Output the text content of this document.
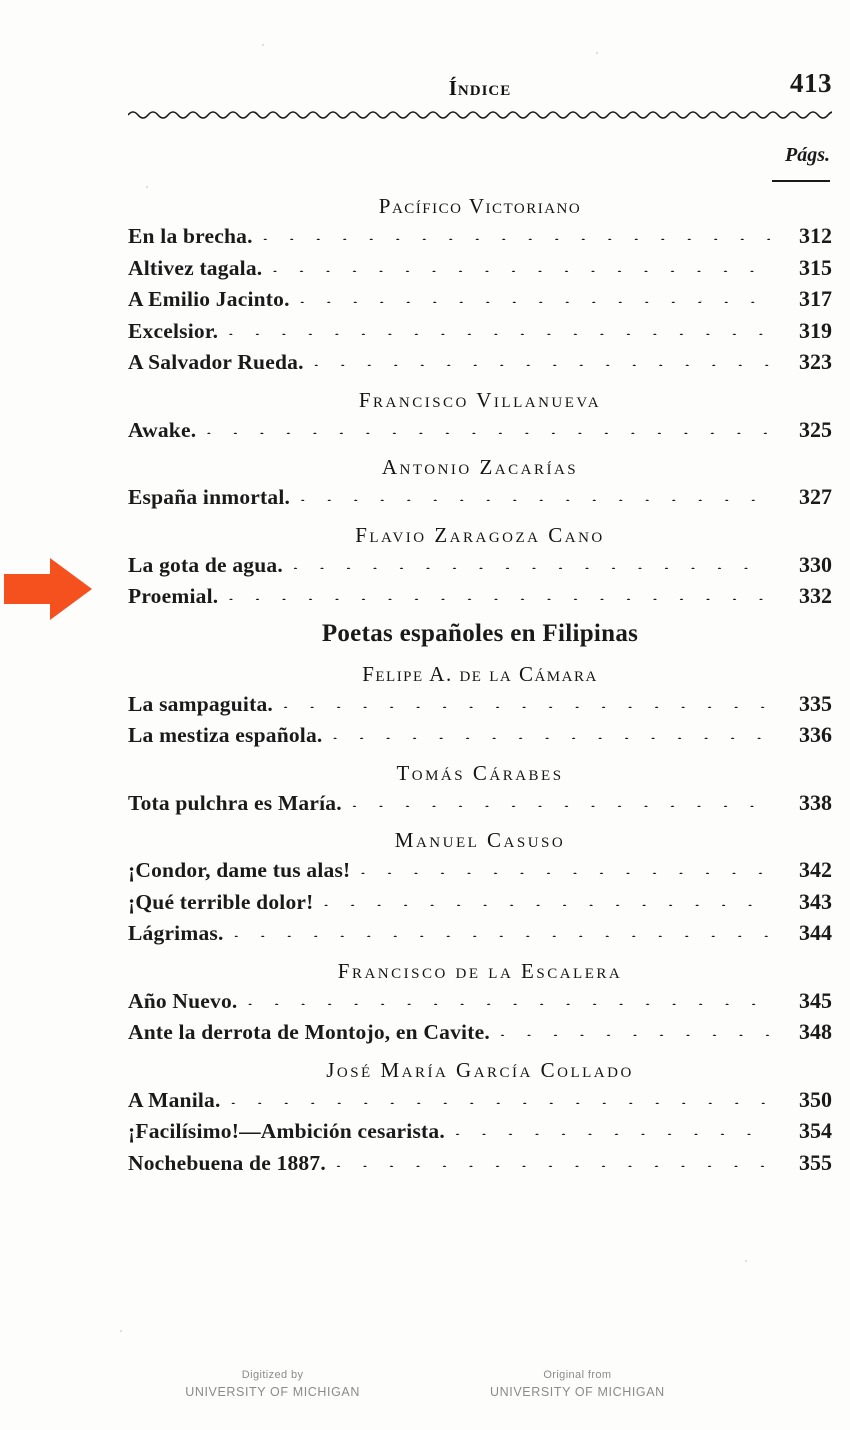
Índice	413
Págs.
Pacífico Victoriano
En la brecha. . . .	312
Altivez tagala. . . .	315
A Emilio Jacinto. . . .	317
Excelsior. . . .	319
A Salvador Rueda. . . .	323
Francisco Villanueva
Awake. . . .	325
Antonio Zacarías
España inmortal. . . .	327
Flavio Zaragoza Cano
La gota de agua. . . .	330
Proemial. . . .	332
Poetas españoles en Filipinas
Felipe A. de la Cámara
La sampaguita. . . .	335
La mestiza española. . . .	336
Tomás Cárabes
Tota pulchra es María. . . .	338
Manuel Casuso
¡Condor, dame tus alas! . . .	342
¡Qué terrible dolor! . . .	343
Lágrimas. . . .	344
Francisco de la Escalera
Año Nuevo. . . .	345
Ante la derrota de Montojo, en Cavite. . . .	348
José María García Collado
A Manila. . . .	350
¡Facilísimo!—Ambición cesarista. . . .	354
Nochebuena de 1887. . . .	355
Digitized by
UNIVERSITY OF MICHIGAN
Original from
UNIVERSITY OF MICHIGAN
